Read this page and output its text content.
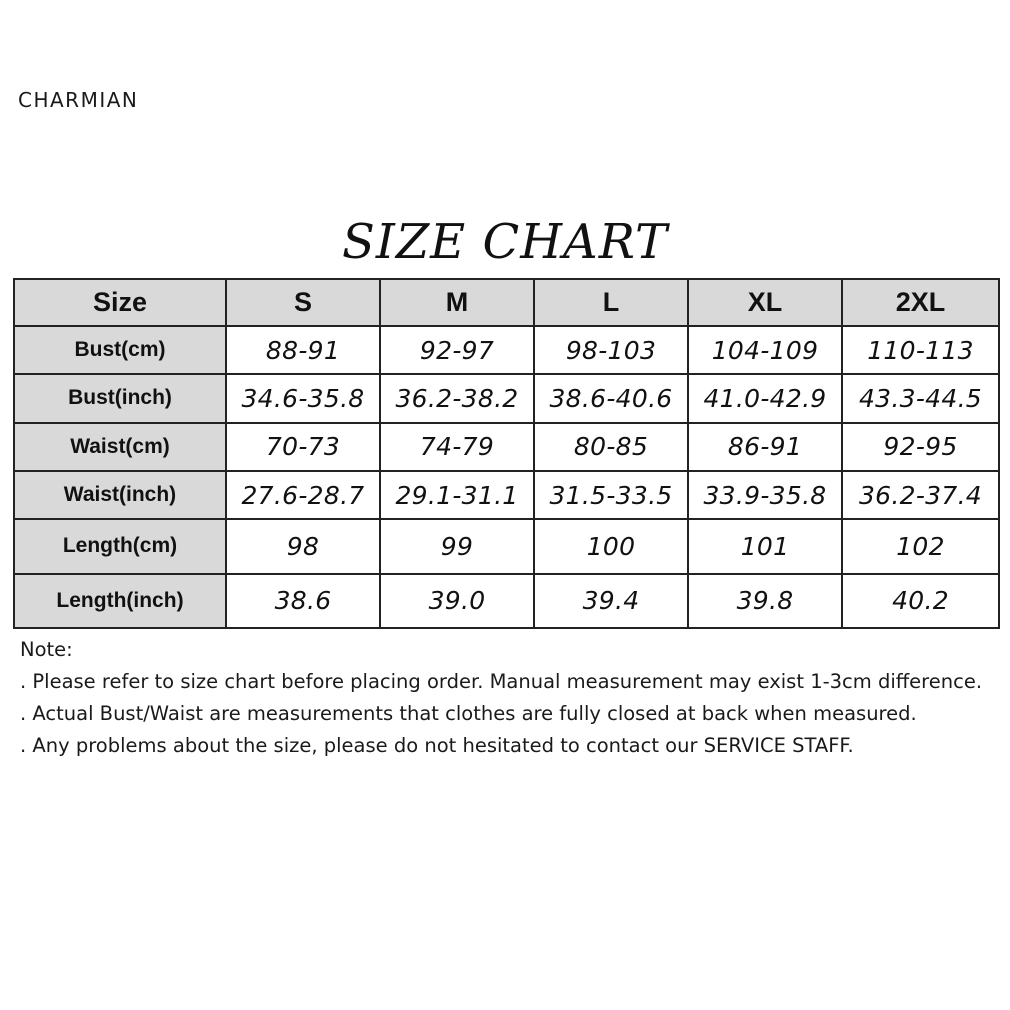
CHARMIAN
SIZE CHART
Size	S	M	L	XL	2XL
Bust(cm)	88-91	92-97	98-103	104-109	110-113
Bust(inch)	34.6-35.8	36.2-38.2	38.6-40.6	41.0-42.9	43.3-44.5
Waist(cm)	70-73	74-79	80-85	86-91	92-95
Waist(inch)	27.6-28.7	29.1-31.1	31.5-33.5	33.9-35.8	36.2-37.4
Length(cm)	98	99	100	101	102
Length(inch)	38.6	39.0	39.4	39.8	40.2

Note:

. Please refer to size chart before placing order. Manual measurement may exist 1-3cm difference.

. Actual Bust/Waist are measurements that clothes are fully closed at back when measured.

. Any problems about the size, please do not hesitated to contact our SERVICE STAFF.
